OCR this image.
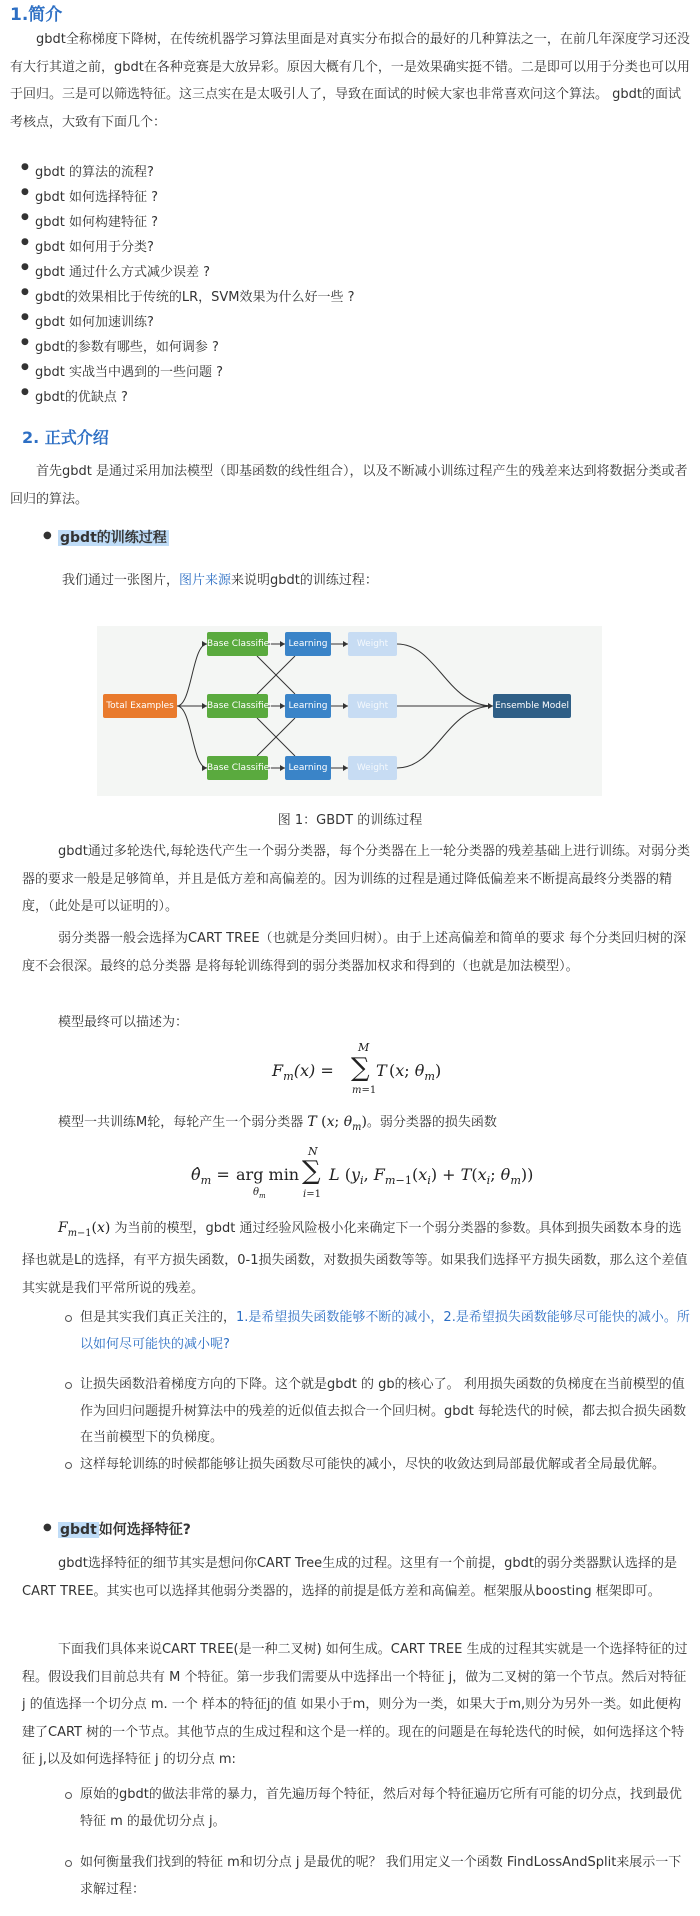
1.简介
gbdt全称梯度下降树，在传统机器学习算法里面是对真实分布拟合的最好的几种算法之一，在前几年深度学习还没有大行其道之前，gbdt在各种竞赛是大放异彩。原因大概有几个，一是效果确实挺不错。二是即可以用于分类也可以用于回归。三是可以筛选特征。这三点实在是太吸引人了，导致在面试的时候大家也非常喜欢问这个算法。 gbdt的面试考核点，大致有下面几个：
● gbdt 的算法的流程?
● gbdt 如何选择特征 ?
● gbdt 如何构建特征 ?
● gbdt 如何用于分类?
● gbdt 通过什么方式减少误差 ?
● gbdt的效果相比于传统的LR，SVM效果为什么好一些 ?
● gbdt 如何加速训练?
● gbdt的参数有哪些，如何调参 ?
● gbdt 实战当中遇到的一些问题 ?
● gbdt的优缺点 ?
2. 正式介绍
首先gbdt 是通过采用加法模型（即基函数的线性组合），以及不断减小训练过程产生的残差来达到将数据分类或者回归的算法。
● gbdt的训练过程
我们通过一张图片，图片来源来说明gbdt的训练过程：
Total Examples
Base Classifier
Base Classifier
Base Classifier
Learning
Learning
Learning
Weight
Weight
Weight
Ensemble Model
图 1：GBDT 的训练过程
gbdt通过多轮迭代,每轮迭代产生一个弱分类器，每个分类器在上一轮分类器的残差基础上进行训练。对弱分类器的要求一般是足够简单，并且是低方差和高偏差的。因为训练的过程是通过降低偏差来不断提高最终分类器的精度，（此处是可以证明的）。
弱分类器一般会选择为CART TREE（也就是分类回归树）。由于上述高偏差和简单的要求 每个分类回归树的深度不会很深。最终的总分类器 是将每轮训练得到的弱分类器加权求和得到的（也就是加法模型）。
模型最终可以描述为：
$F_m(x)$ = ∑
M
m=1
T (x; $\theta_m$)
模型一共训练M轮，每轮产生一个弱分类器 T (x; $\theta_m$)。弱分类器的损失函数
$\thetâ_m$ = arg min
$\theta_m$
∑
N
i=1
L ($y_i$, $F_{m-1}(x_i) + T(x_i$; $\theta_m$))
$F_{m-1}(x)$ 为当前的模型，gbdt 通过经验风险极小化来确定下一个弱分类器的参数。具体到损失函数本身的选择也就是L的选择，有平方损失函数，0-1损失函数，对数损失函数等等。如果我们选择平方损失函数，那么这个差值其实就是我们平常所说的残差。
但是其实我们真正关注的，1.是希望损失函数能够不断的减小，2.是希望损失函数能够尽可能快的减小。所以如何尽可能快的减小呢?
让损失函数沿着梯度方向的下降。这个就是gbdt 的 gb的核心了。 利用损失函数的负梯度在当前模型的值作为回归问题提升树算法中的残差的近似值去拟合一个回归树。gbdt 每轮迭代的时候，都去拟合损失函数在当前模型下的负梯度。
这样每轮训练的时候都能够让损失函数尽可能快的减小，尽快的收敛达到局部最优解或者全局最优解。
● gbdt 如何选择特征?
gbdt选择特征的细节其实是想问你CART Tree生成的过程。这里有一个前提，gbdt的弱分类器默认选择的是CART TREE。其实也可以选择其他弱分类器的，选择的前提是低方差和高偏差。框架服从boosting 框架即可。
下面我们具体来说CART TREE(是一种二叉树) 如何生成。CART TREE 生成的过程其实就是一个选择特征的过程。假设我们目前总共有 M 个特征。第一步我们需要从中选择出一个特征 j，做为二叉树的第一个节点。然后对特征 j 的值选择一个切分点 m. 一个 样本的特征j的值 如果小于m，则分为一类，如果大于m,则分为另外一类。如此便构建了CART 树的一个节点。其他节点的生成过程和这个是一样的。现在的问题是在每轮迭代的时候，如何选择这个特征 j,以及如何选择特征 j 的切分点 m:
原始的gbdt的做法非常的暴力，首先遍历每个特征，然后对每个特征遍历它所有可能的切分点，找到最优特征 m 的最优切分点 j。
如何衡量我们找到的特征 m和切分点 j 是最优的呢？ 我们用定义一个函数 FindLossAndSplit来展示一下求解过程：
